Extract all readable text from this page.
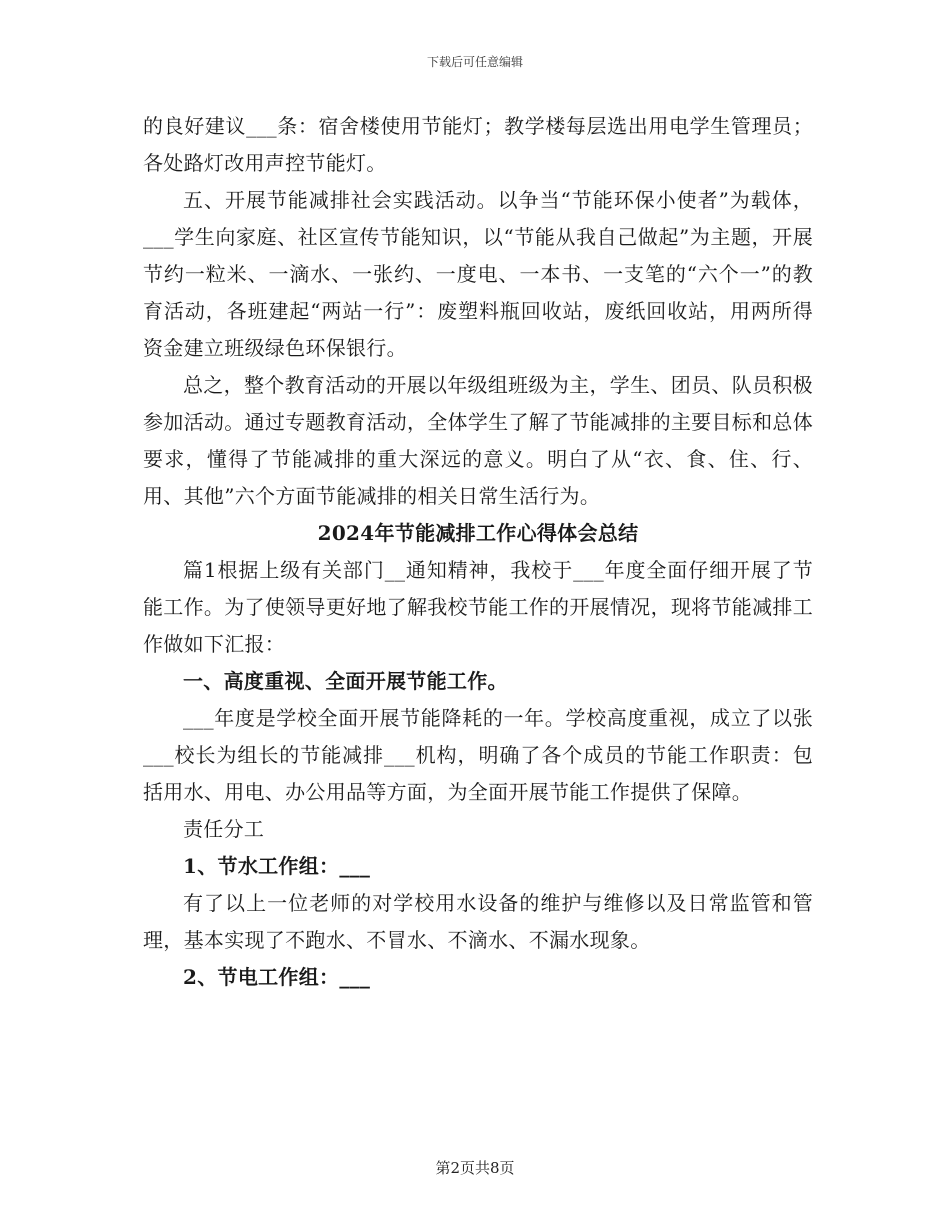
下载后可任意编辑

的良好建议___条：宿舍楼使用节能灯；教学楼每层选出用电学生管理员；各处路灯改用声控节能灯。

五、开展节能减排社会实践活动。以争当“节能环保小使者”为载体，___学生向家庭、社区宣传节能知识，以“节能从我自己做起”为主题，开展节约一粒米、一滴水、一张约、一度电、一本书、一支笔的“六个一”的教育活动，各班建起“两站一行”：废塑料瓶回收站，废纸回收站，用两所得资金建立班级绿色环保银行。

总之，整个教育活动的开展以年级组班级为主，学生、团员、队员积极参加活动。通过专题教育活动，全体学生了解了节能减排的主要目标和总体要求，懂得了节能减排的重大深远的意义。明白了从“衣、食、住、行、用、其他”六个方面节能减排的相关日常生活行为。

2024年节能减排工作心得体会总结

篇1根据上级有关部门__通知精神，我校于___年度全面仔细开展了节能工作。为了使领导更好地了解我校节能工作的开展情况，现将节能减排工作做如下汇报：

一、高度重视、全面开展节能工作。

___年度是学校全面开展节能降耗的一年。学校高度重视，成立了以张___校长为组长的节能减排___机构，明确了各个成员的节能工作职责：包括用水、用电、办公用品等方面，为全面开展节能工作提供了保障。

责任分工

1、节水工作组：___

有了以上一位老师的对学校用水设备的维护与维修以及日常监管和管理，基本实现了不跑水、不冒水、不滴水、不漏水现象。

2、节电工作组：___

第2页共8页
